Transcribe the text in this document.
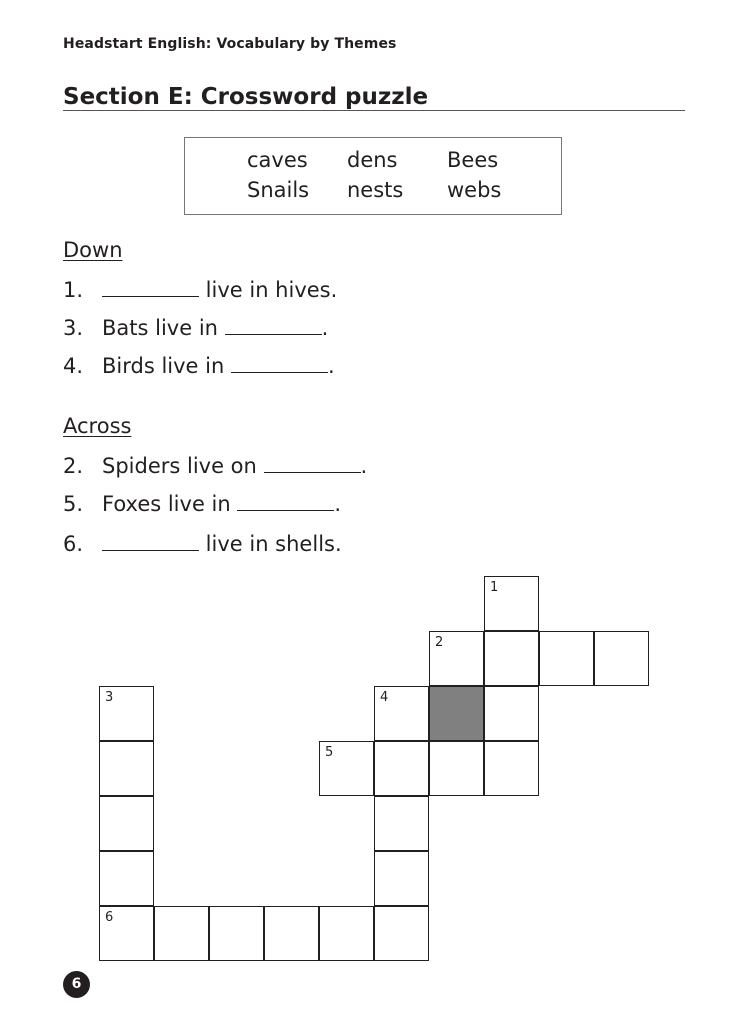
Headstart English: Vocabulary by Themes
Section E: Crossword puzzle
caves dens Bees
Snails nests webs
Down
1.	live in hives.
3. Bats live in	.
4. Birds live in	.
Across
2. Spiders live on	.
5. Foxes live in	.
6.	live in shells.
1
2
3	4
5
6
6
